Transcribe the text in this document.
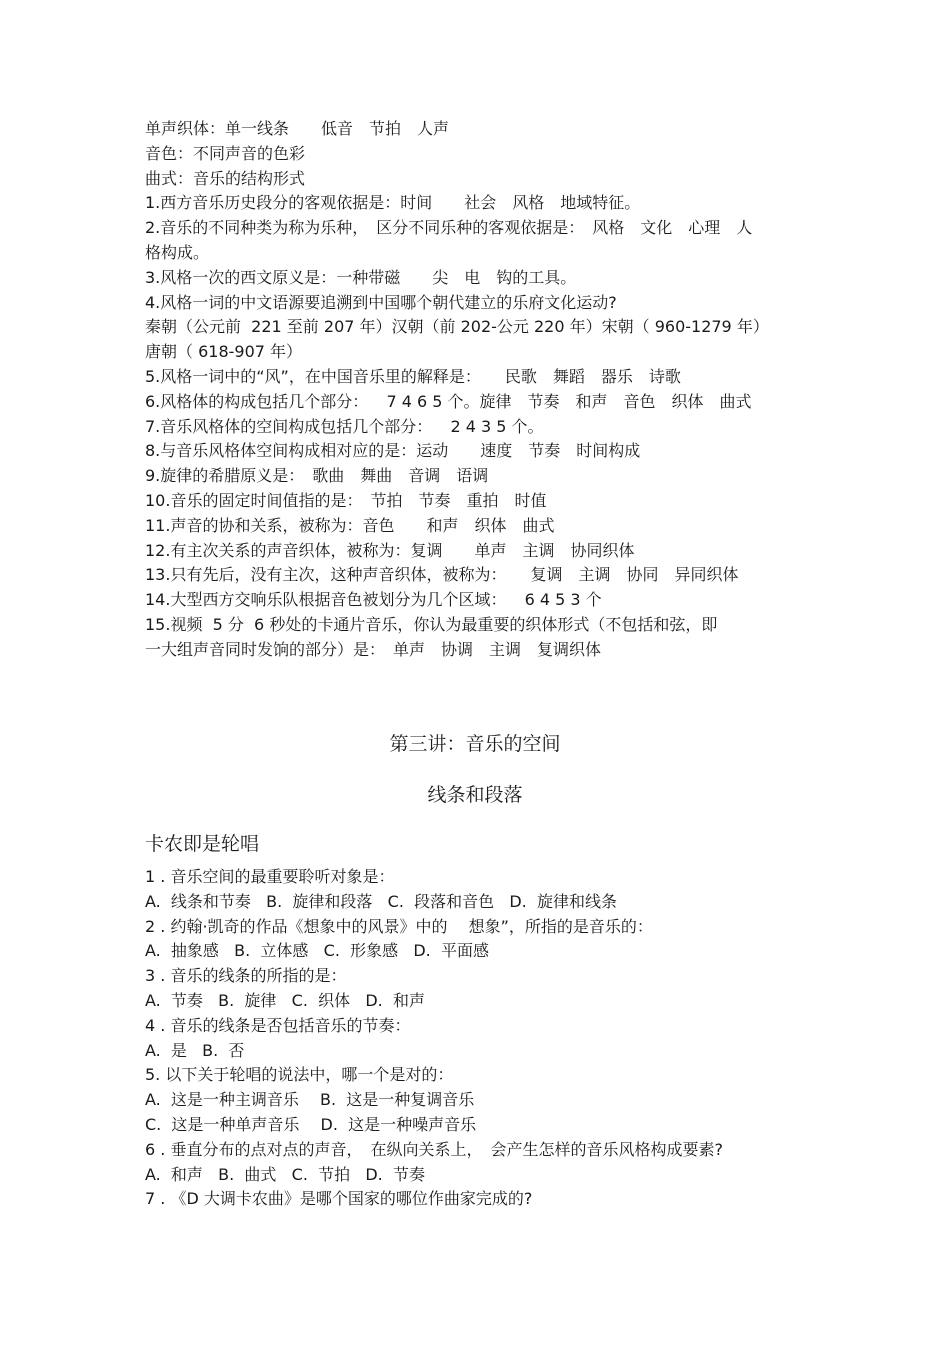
单声织体：单一线条　　低音　节拍　人声
音色：不同声音的色彩
曲式：音乐的结构形式
1.西方音乐历史段分的客观依据是：时间　　社会　风格　地域特征。
2.音乐的不同种类为称为乐种，　区分不同乐种的客观依据是：　风格　文化　心理　人
格构成。
3.风格一次的西文原义是：一种带磁　　尖　电　钩的工具。
4.风格一词的中文语源要追溯到中国哪个朝代建立的乐府文化运动?
秦朝（公元前  221 至前 207 年）汉朝（前 202-公元 220 年）宋朝（ 960-1279 年）
唐朝（ 618-907 年）
5.风格一词中的“风”，在中国音乐里的解释是：　　民歌　舞蹈　器乐　诗歌
6.风格体的构成包括几个部分：　  7 4 6 5 个。旋律　节奏　和声　音色　织体　曲式
7.音乐风格体的空间构成包括几个部分：　  2 4 3 5 个。
8.与音乐风格体空间构成相对应的是：运动　　速度　节奏　时间构成
9.旋律的希腊原义是：　歌曲　舞曲　音调　语调
10.音乐的固定时间值指的是：　节拍　节奏　重拍　时值
11.声音的协和关系，被称为：音色　　和声　织体　曲式
12.有主次关系的声音织体，被称为：复调　　单声　主调　协同织体
13.只有先后，没有主次，这种声音织体，被称为：　　复调　主调　协同　异同织体
14.大型西方交响乐队根据音色被划分为几个区域：　  6 4 5 3 个
15.视频  5 分  6 秒处的卡通片音乐，你认为最重要的织体形式（不包括和弦，即
一大组声音同时发饷的部分）是：　单声　协调　主调　复调织体
第三讲：音乐的空间
线条和段落
卡农即是轮唱
1 . 音乐空间的最重要聆听对象是：
A.  线条和节奏   B.  旋律和段落   C.  段落和音色   D.  旋律和线条
2 . 约翰·凯奇的作品《想象中的风景》中的　 想象”，所指的是音乐的：
A.  抽象感   B.  立体感   C.  形象感   D.  平面感
3 . 音乐的线条的所指的是：
A.  节奏   B.  旋律   C.  织体   D.  和声
4 . 音乐的线条是否包括音乐的节奏：
A.  是   B.  否
5. 以下关于轮唱的说法中，哪一个是对的：
A.  这是一种主调音乐　 B.  这是一种复调音乐
C.  这是一种单声音乐　 D.  这是一种噪声音乐
6 . 垂直分布的点对点的声音，　在纵向关系上，　会产生怎样的音乐风格构成要素?
A.  和声   B.  曲式   C.  节拍   D.  节奏
7 . 《D 大调卡农曲》是哪个国家的哪位作曲家完成的?
